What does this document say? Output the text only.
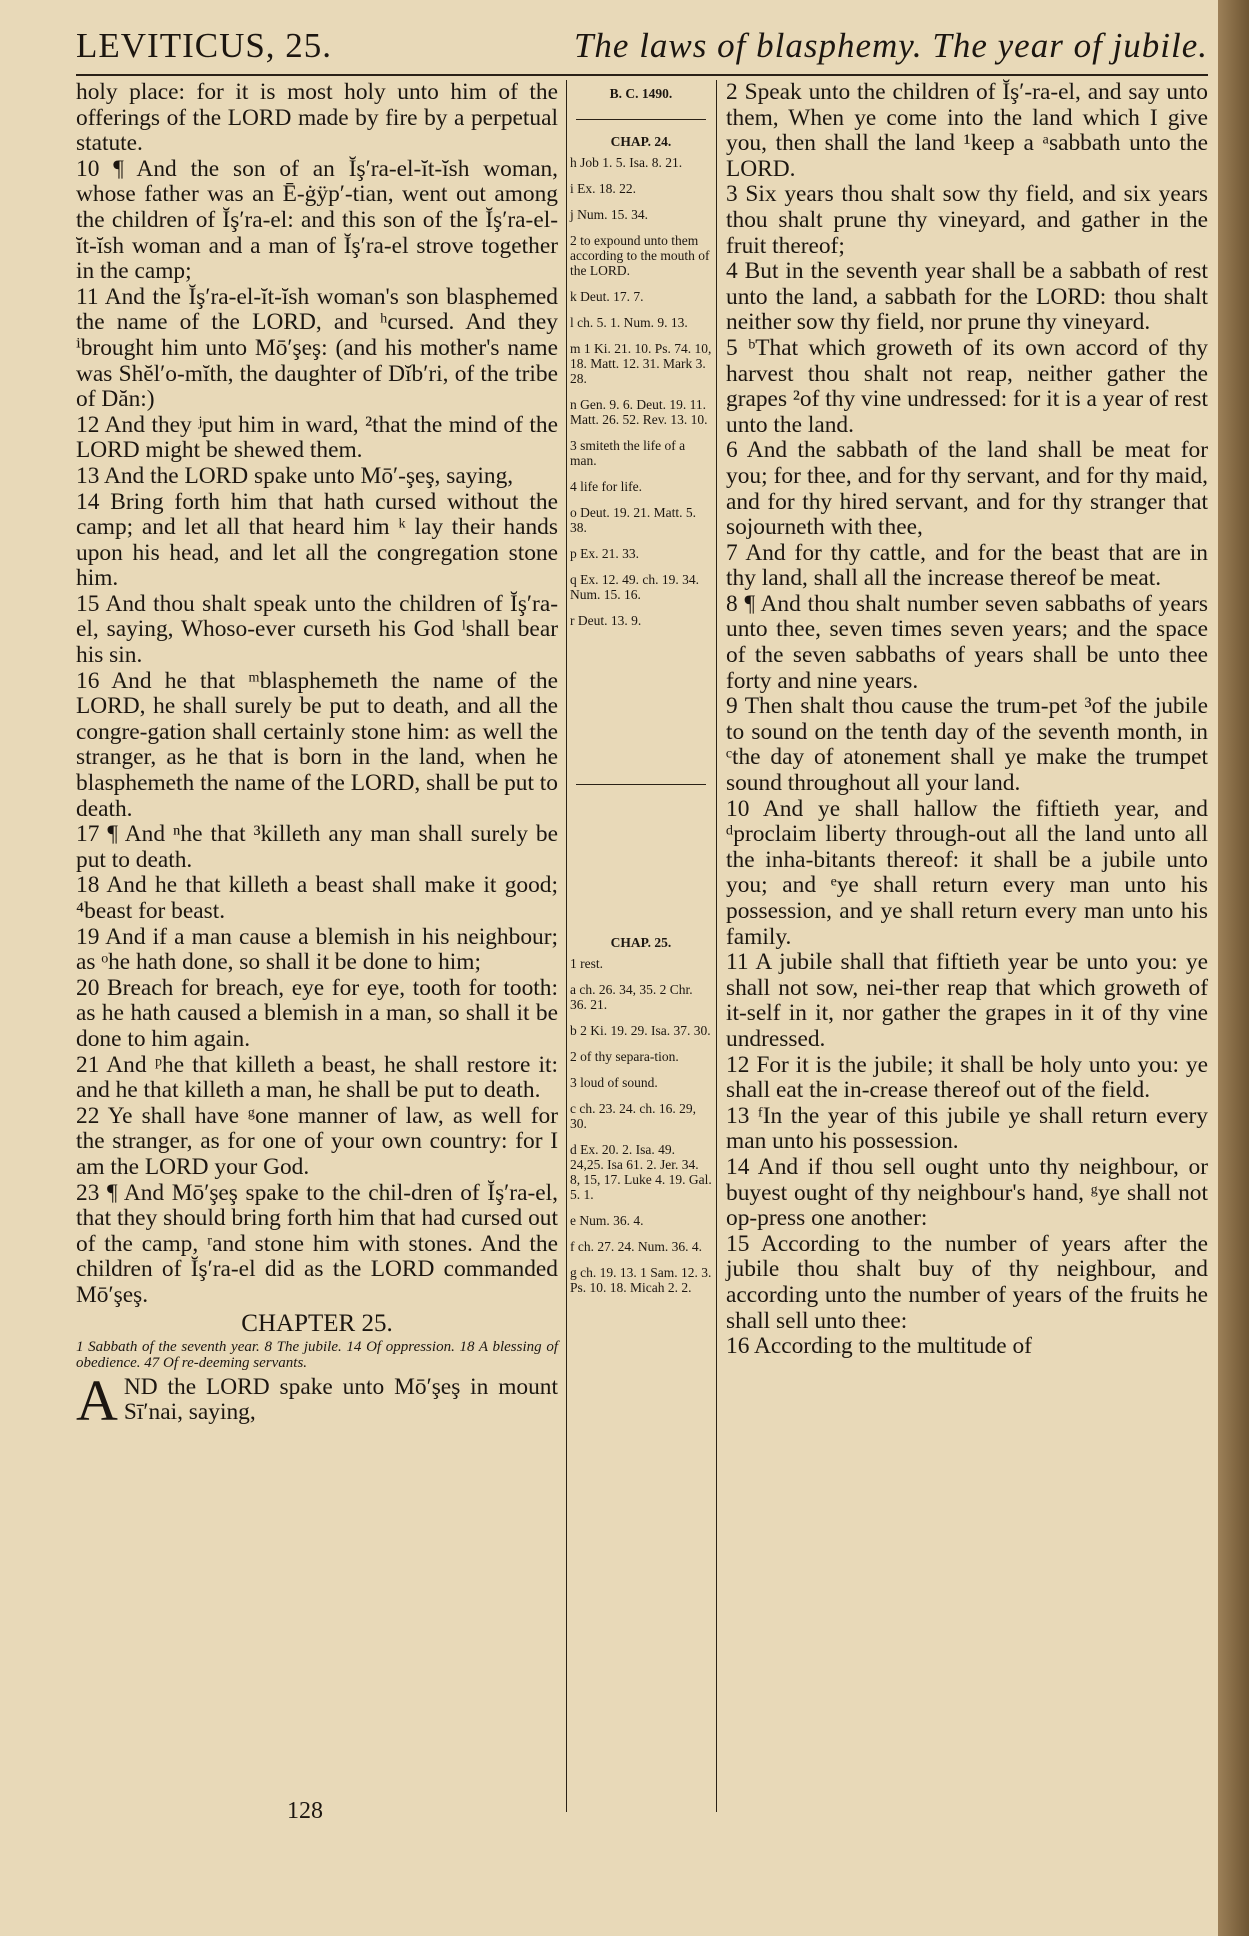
LEVITICUS, 25.	The laws of blasphemy. The year of jubile.

holy place: for it is most holy unto him of the offerings of the LORD made by fire by a perpetual statute.

10 ¶ And the son of an Ĭş′ra-el-ĭt-ĭsh woman, whose father was an Ē-ġÿp′-tian, went out among the children of Ĭş′ra-el: and this son of the Ĭş′ra-el-ĭt-ĭsh woman and a man of Ĭş′ra-el strove together in the camp;

11 And the Ĭş′ra-el-ĭt-ĭsh woman's son blasphemed the name of the LORD, and ʰcursed. And they ⁱbrought him unto Mō′şeş: (and his mother's name was Shĕl′o-mĭth, the daughter of Dĭb′ri, of the tribe of Dăn:)

12 And they ʲput him in ward, ²that the mind of the LORD might be shewed them.

13 And the LORD spake unto Mō′-şeş, saying,

14 Bring forth him that hath cursed without the camp; and let all that heard him ᵏ lay their hands upon his head, and let all the congregation stone him.

15 And thou shalt speak unto the children of Ĭş′ra-el, saying, Whoso-ever curseth his God ˡshall bear his sin.

16 And he that ᵐblasphemeth the name of the LORD, he shall surely be put to death, and all the congre-gation shall certainly stone him: as well the stranger, as he that is born in the land, when he blasphemeth the name of the LORD, shall be put to death.

17 ¶ And ⁿhe that ³killeth any man shall surely be put to death.

18 And he that killeth a beast shall make it good; ⁴beast for beast.

19 And if a man cause a blemish in his neighbour; as ᵒhe hath done, so shall it be done to him;

20 Breach for breach, eye for eye, tooth for tooth: as he hath caused a blemish in a man, so shall it be done to him again.

21 And ᵖhe that killeth a beast, he shall restore it: and he that killeth a man, he shall be put to death.

22 Ye shall have ᵍone manner of law, as well for the stranger, as for one of your own country: for I am the LORD your God.

23 ¶ And Mō′şeş spake to the chil-dren of Ĭş′ra-el, that they should bring forth him that had cursed out of the camp, ʳand stone him with stones. And the children of Ĭş′ra-el did as the LORD commanded Mō′şeş.

CHAPTER 25.
1 Sabbath of the seventh year. 8 The jubile. 14 Of oppression. 18 A blessing of obedience. 47 Of re-deeming servants.

AND the LORD spake unto Mō′şeş in mount Sī′nai, saying,

B. C. 1490.
CHAP. 24.
h Job 1. 5. Isa. 8. 21.
i Ex. 18. 22.
j Num. 15. 34.
2 to expound unto them according to the mouth of the LORD.
k Deut. 17. 7.
l ch. 5. 1. Num. 9. 13.
m 1 Ki. 21. 10. Ps. 74. 10, 18. Matt. 12. 31. Mark 3. 28.
n Gen. 9. 6. Deut. 19. 11. Matt. 26. 52. Rev. 13. 10.
3 smiteth the life of a man.
4 life for life.
o Deut. 19. 21. Matt. 5. 38.
p Ex. 21. 33.
q Ex. 12. 49. ch. 19. 34. Num. 15. 16.
r Deut. 13. 9.
CHAP. 25.
1 rest.
a ch. 26. 34, 35. 2 Chr. 36. 21.
b 2 Ki. 19. 29. Isa. 37. 30.
2 of thy separa-tion.
3 loud of sound.
c ch. 23. 24. ch. 16. 29, 30.
d Ex. 20. 2. Isa. 49. 24,25. Isa 61. 2. Jer. 34. 8, 15, 17. Luke 4. 19. Gal. 5. 1.
e Num. 36. 4.
f ch. 27. 24. Num. 36. 4.
g ch. 19. 13. 1 Sam. 12. 3. Ps. 10. 18. Micah 2. 2.

2 Speak unto the children of Ĭş′-ra-el, and say unto them, When ye come into the land which I give you, then shall the land ¹keep a ᵃsabbath unto the LORD.

3 Six years thou shalt sow thy field, and six years thou shalt prune thy vineyard, and gather in the fruit thereof;

4 But in the seventh year shall be a sabbath of rest unto the land, a sabbath for the LORD: thou shalt neither sow thy field, nor prune thy vineyard.

5 ᵇThat which groweth of its own accord of thy harvest thou shalt not reap, neither gather the grapes ²of thy vine undressed: for it is a year of rest unto the land.

6 And the sabbath of the land shall be meat for you; for thee, and for thy servant, and for thy maid, and for thy hired servant, and for thy stranger that sojourneth with thee,

7 And for thy cattle, and for the beast that are in thy land, shall all the increase thereof be meat.

8 ¶ And thou shalt number seven sabbaths of years unto thee, seven times seven years; and the space of the seven sabbaths of years shall be unto thee forty and nine years.

9 Then shalt thou cause the trum-pet ³of the jubile to sound on the tenth day of the seventh month, in ᶜthe day of atonement shall ye make the trumpet sound throughout all your land.

10 And ye shall hallow the fiftieth year, and ᵈproclaim liberty through-out all the land unto all the inha-bitants thereof: it shall be a jubile unto you; and ᵉye shall return every man unto his possession, and ye shall return every man unto his family.

11 A jubile shall that fiftieth year be unto you: ye shall not sow, nei-ther reap that which groweth of it-self in it, nor gather the grapes in it of thy vine undressed.

12 For it is the jubile; it shall be holy unto you: ye shall eat the in-crease thereof out of the field.

13 ᶠIn the year of this jubile ye shall return every man unto his possession.

14 And if thou sell ought unto thy neighbour, or buyest ought of thy neighbour's hand, ᵍye shall not op-press one another:

15 According to the number of years after the jubile thou shalt buy of thy neighbour, and according unto the number of years of the fruits he shall sell unto thee:

16 According to the multitude of

128
